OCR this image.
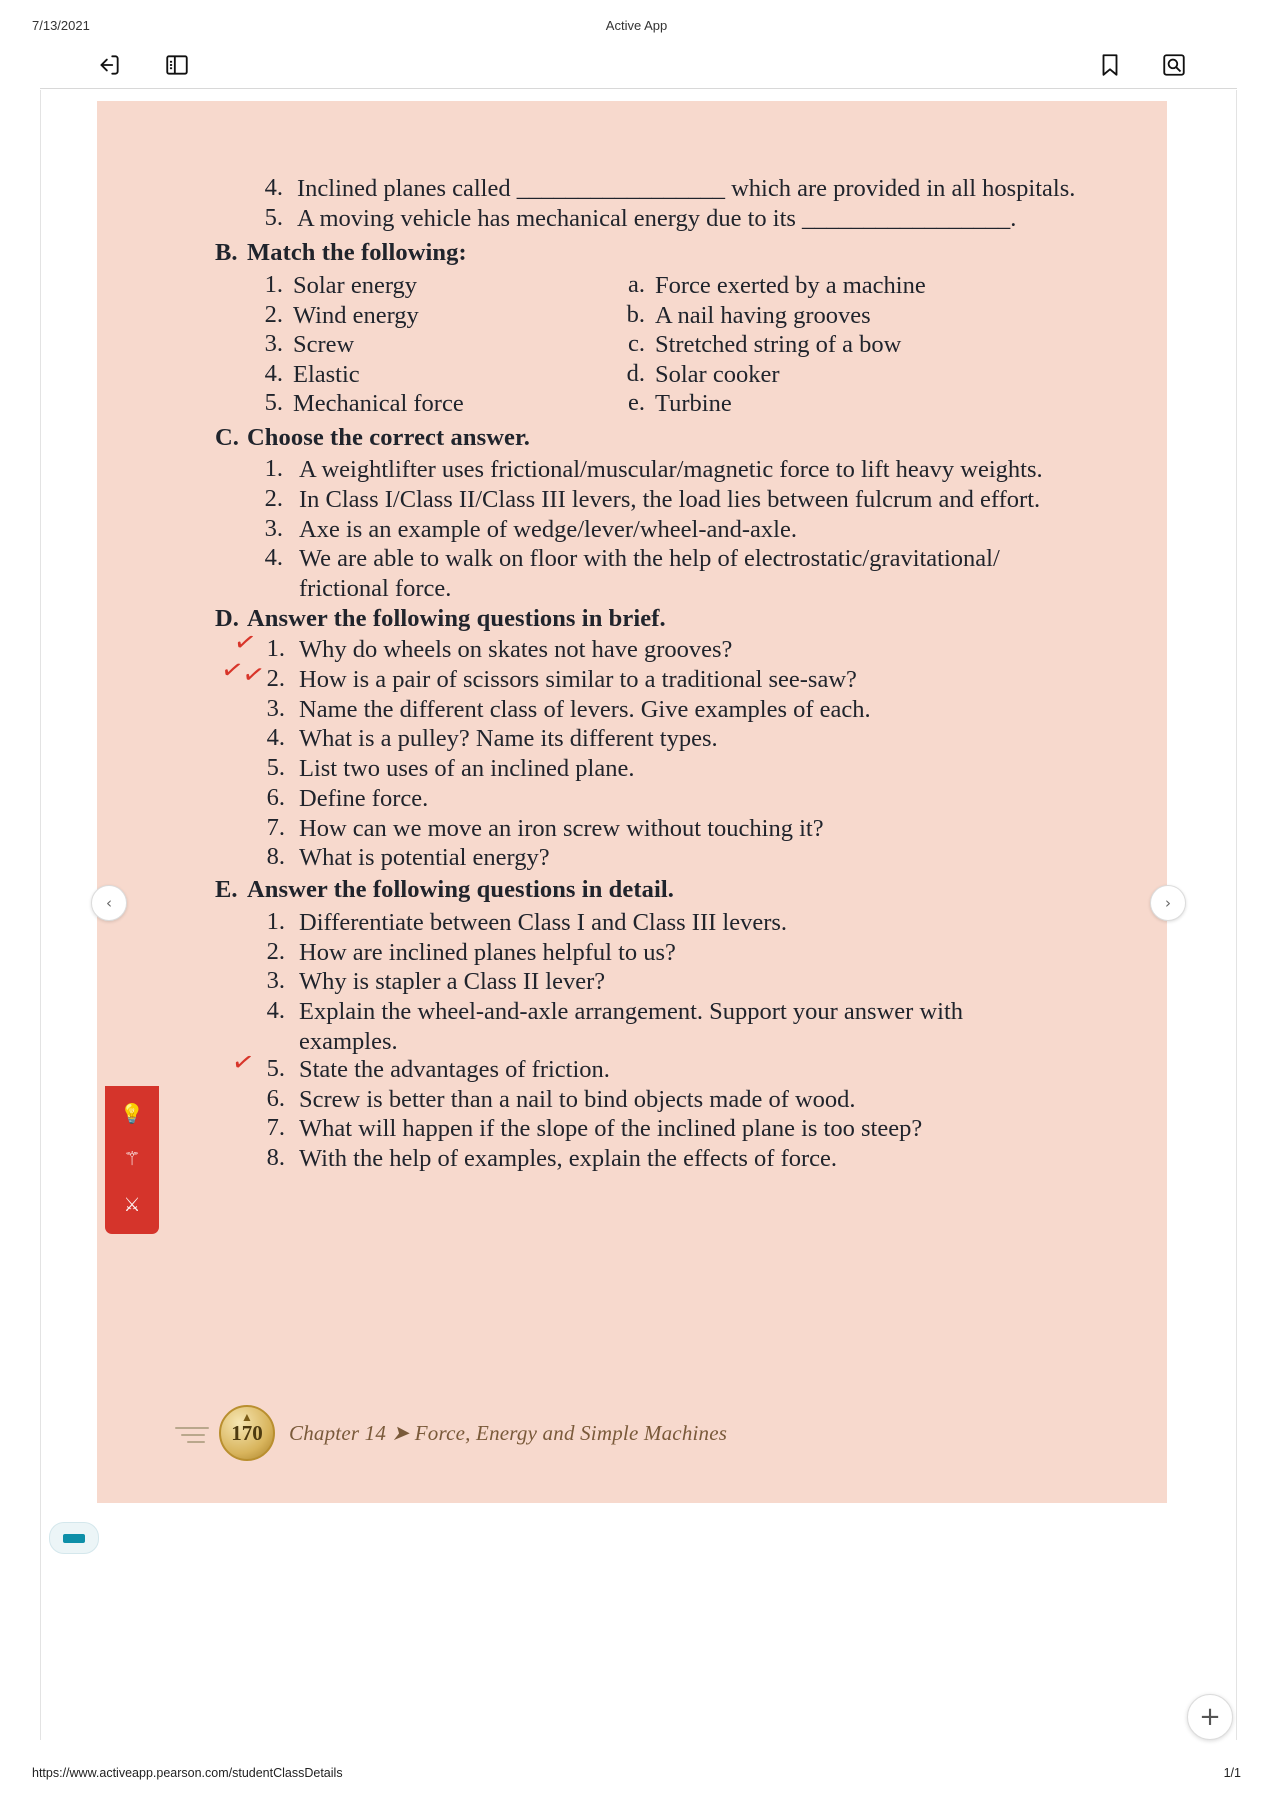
7/13/2021	Active App
4. Inclined planes called _________________ which are provided in all hospitals.
5. A moving vehicle has mechanical energy due to its _________________.
B. Match the following:
1. Solar energy	a. Force exerted by a machine
2. Wind energy	b. A nail having grooves
3. Screw	c. Stretched string of a bow
4. Elastic	d. Solar cooker
5. Mechanical force	e. Turbine
C. Choose the correct answer.
1. A weightlifter uses frictional/muscular/magnetic force to lift heavy weights.
2. In Class I/Class II/Class III levers, the load lies between fulcrum and effort.
3. Axe is an example of wedge/lever/wheel-and-axle.
4. We are able to walk on floor with the help of electrostatic/gravitational/
frictional force.
D. Answer the following questions in brief.
✓ 1. Why do wheels on skates not have grooves?
✓✓ 2. How is a pair of scissors similar to a traditional see-saw?
3. Name the different class of levers. Give examples of each.
4. What is a pulley? Name its different types.
5. List two uses of an inclined plane.
6. Define force.
7. How can we move an iron screw without touching it?
8. What is potential energy?
E. Answer the following questions in detail.
1. Differentiate between Class I and Class III levers.
2. How are inclined planes helpful to us?
3. Why is stapler a Class II lever?
4. Explain the wheel-and-axle arrangement. Support your answer with
examples.
✓ 5. State the advantages of friction.
6. Screw is better than a nail to bind objects made of wood.
7. What will happen if the slope of the inclined plane is too steep?
8. With the help of examples, explain the effects of force.
💡
⚚
⚔
▲
170 Chapter 14 ➤ Force, Energy and Simple Machines
‹	›
+
https://www.activeapp.pearson.com/studentClassDetails	1/1
